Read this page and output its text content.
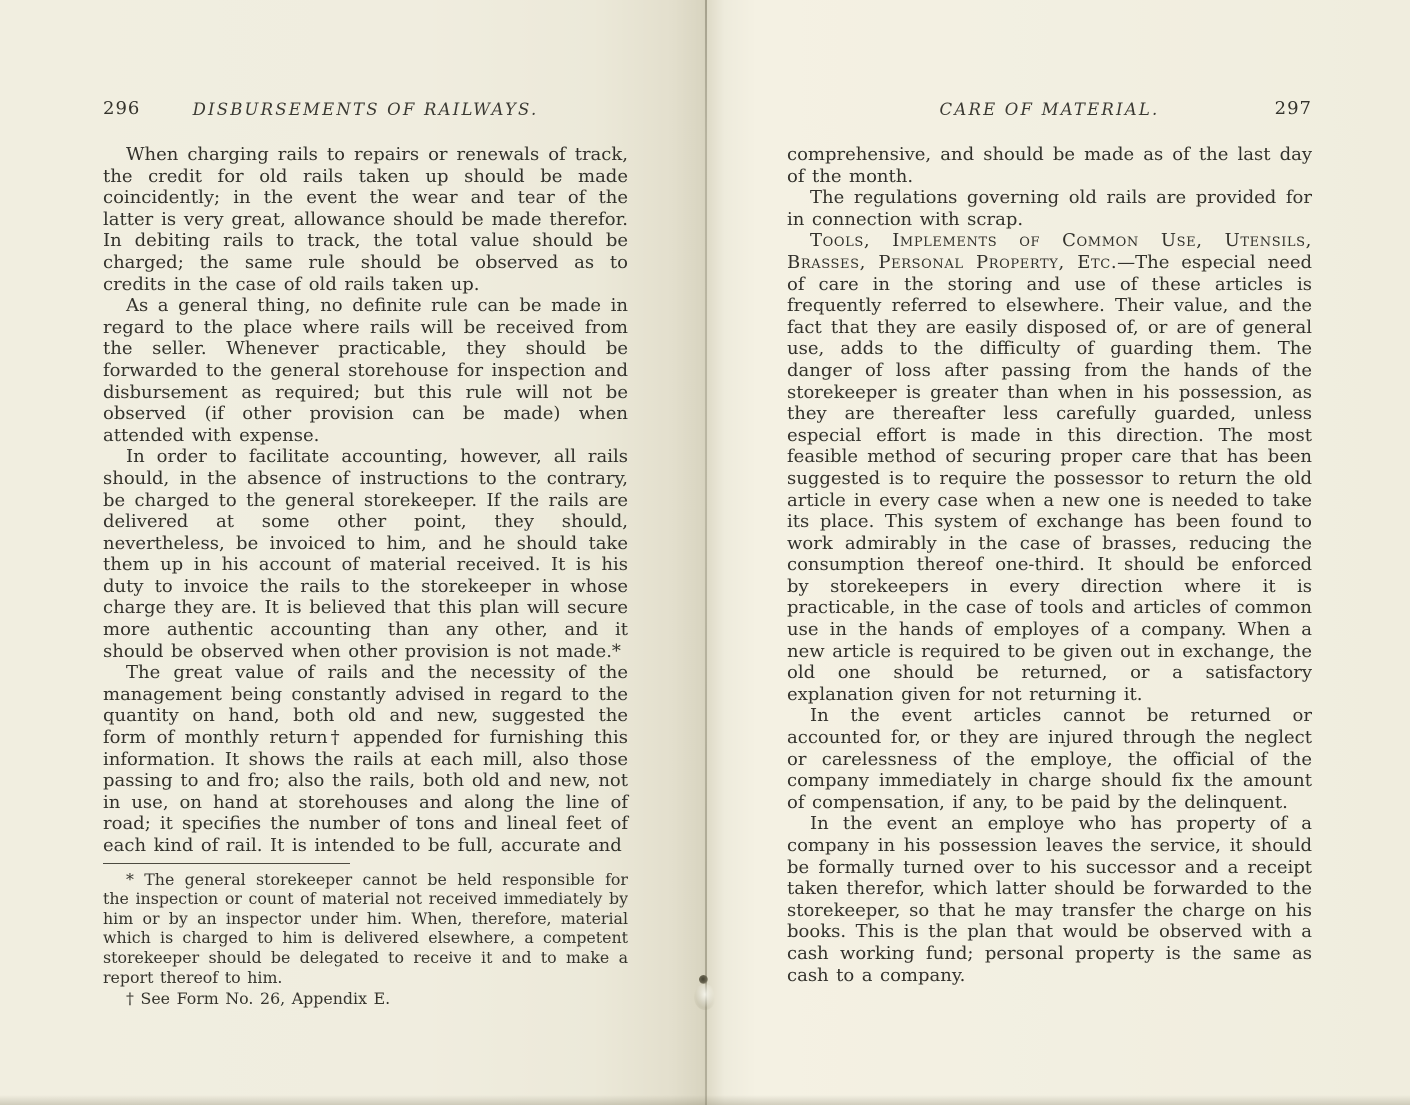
296	DISBURSEMENTS OF RAILWAYS.

When charging rails to repairs or renewals of track, the credit for old rails taken up should be made coincidently; in the event the wear and tear of the latter is very great, allowance should be made therefor. In debiting rails to track, the total value should be charged; the same rule should be observed as to credits in the case of old rails taken up.

As a general thing, no definite rule can be made in regard to the place where rails will be received from the seller. Whenever practicable, they should be forwarded to the general storehouse for inspection and disbursement as required; but this rule will not be observed (if other provision can be made) when attended with expense.

In order to facilitate accounting, however, all rails should, in the absence of instructions to the contrary, be charged to the general storekeeper. If the rails are delivered at some other point, they should, nevertheless, be invoiced to him, and he should take them up in his account of material received. It is his duty to invoice the rails to the storekeeper in whose charge they are. It is believed that this plan will secure more authentic accounting than any other, and it should be observed when other provision is not made.*

The great value of rails and the necessity of the management being constantly advised in regard to the quantity on hand, both old and new, suggested the form of monthly return† appended for furnishing this information. It shows the rails at each mill, also those passing to and fro; also the rails, both old and new, not in use, on hand at storehouses and along the line of road; it specifies the number of tons and lineal feet of each kind of rail. It is intended to be full, accurate and

* The general storekeeper cannot be held responsible for the inspection or count of material not received immediately by him or by an inspector under him. When, therefore, material which is charged to him is delivered elsewhere, a competent storekeeper should be delegated to receive it and to make a report thereof to him.

† See Form No. 26, Appendix E.

CARE OF MATERIAL.	297

comprehensive, and should be made as of the last day of the month.

The regulations governing old rails are provided for in connection with scrap.

Tools, Implements of Common Use, Utensils, Brasses, Personal Property, Etc.—The especial need of care in the storing and use of these articles is frequently referred to elsewhere. Their value, and the fact that they are easily disposed of, or are of general use, adds to the difficulty of guarding them. The danger of loss after passing from the hands of the storekeeper is greater than when in his possession, as they are thereafter less carefully guarded, unless especial effort is made in this direction. The most feasible method of securing proper care that has been suggested is to require the possessor to return the old article in every case when a new one is needed to take its place. This system of exchange has been found to work admirably in the case of brasses, reducing the consumption thereof one-third. It should be enforced by storekeepers in every direction where it is practicable, in the case of tools and articles of common use in the hands of employes of a company. When a new article is required to be given out in exchange, the old one should be returned, or a satisfactory explanation given for not returning it.

In the event articles cannot be returned or accounted for, or they are injured through the neglect or carelessness of the employe, the official of the company immediately in charge should fix the amount of compensation, if any, to be paid by the delinquent.

In the event an employe who has property of a company in his possession leaves the service, it should be formally turned over to his successor and a receipt taken therefor, which latter should be forwarded to the storekeeper, so that he may transfer the charge on his books. This is the plan that would be observed with a cash working fund; personal property is the same as cash to a company.
